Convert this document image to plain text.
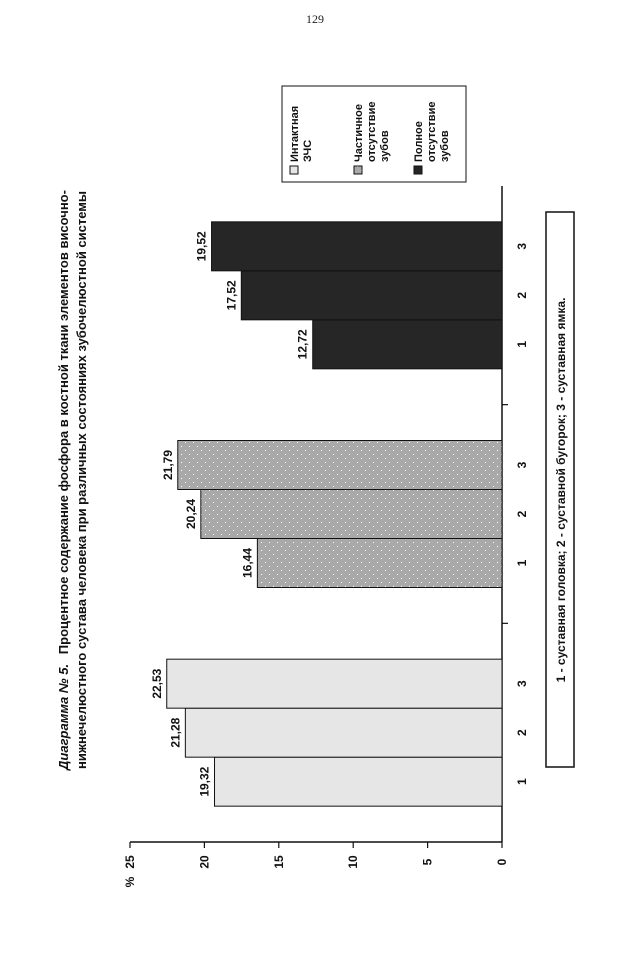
129
Диаграмма № 5. Процентное содержание фосфора в костной ткани элементов височно- нижнечелюстного сустава человека при различных состояниях зубочелюстной системы
0
5
10
15
20
25
%
19,32	1
21,28	2
22,53	3
16,44	1
20,24	2
21,79	3
12,72	1
17,52	2
19,52	3
1 - суставная головка; 2 - суставной бугорок; 3 - суставная ямка.
Интактная ЗЧС	Частичное отсутствие зубов Полное отсутствие зубов
